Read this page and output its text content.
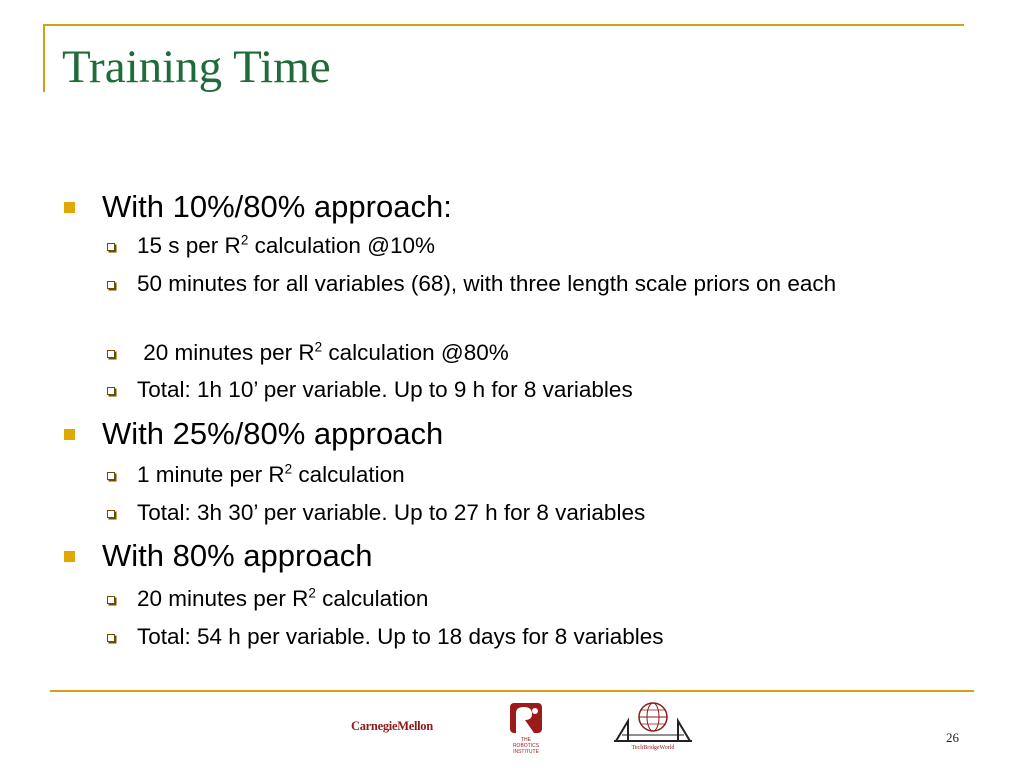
Training Time
With 10%/80% approach:
15 s per $R^2$ calculation @10%
50 minutes for all variables (68), with three length scale priors on each
20 minutes per $R^2$ calculation @80%
Total: 1h 10’ per variable. Up to 9 h for 8 variables
With 25%/80% approach
1 minute per $R^2$ calculation
Total: 3h 30’ per variable. Up to 27 h for 8 variables
With 80% approach
20 minutes per $R^2$ calculation
Total: 54 h per variable. Up to 18 days for 8 variables
CarnegieMellon
THE
ROBOTICS
INSTITUTE
TechBridgeWorld
26
